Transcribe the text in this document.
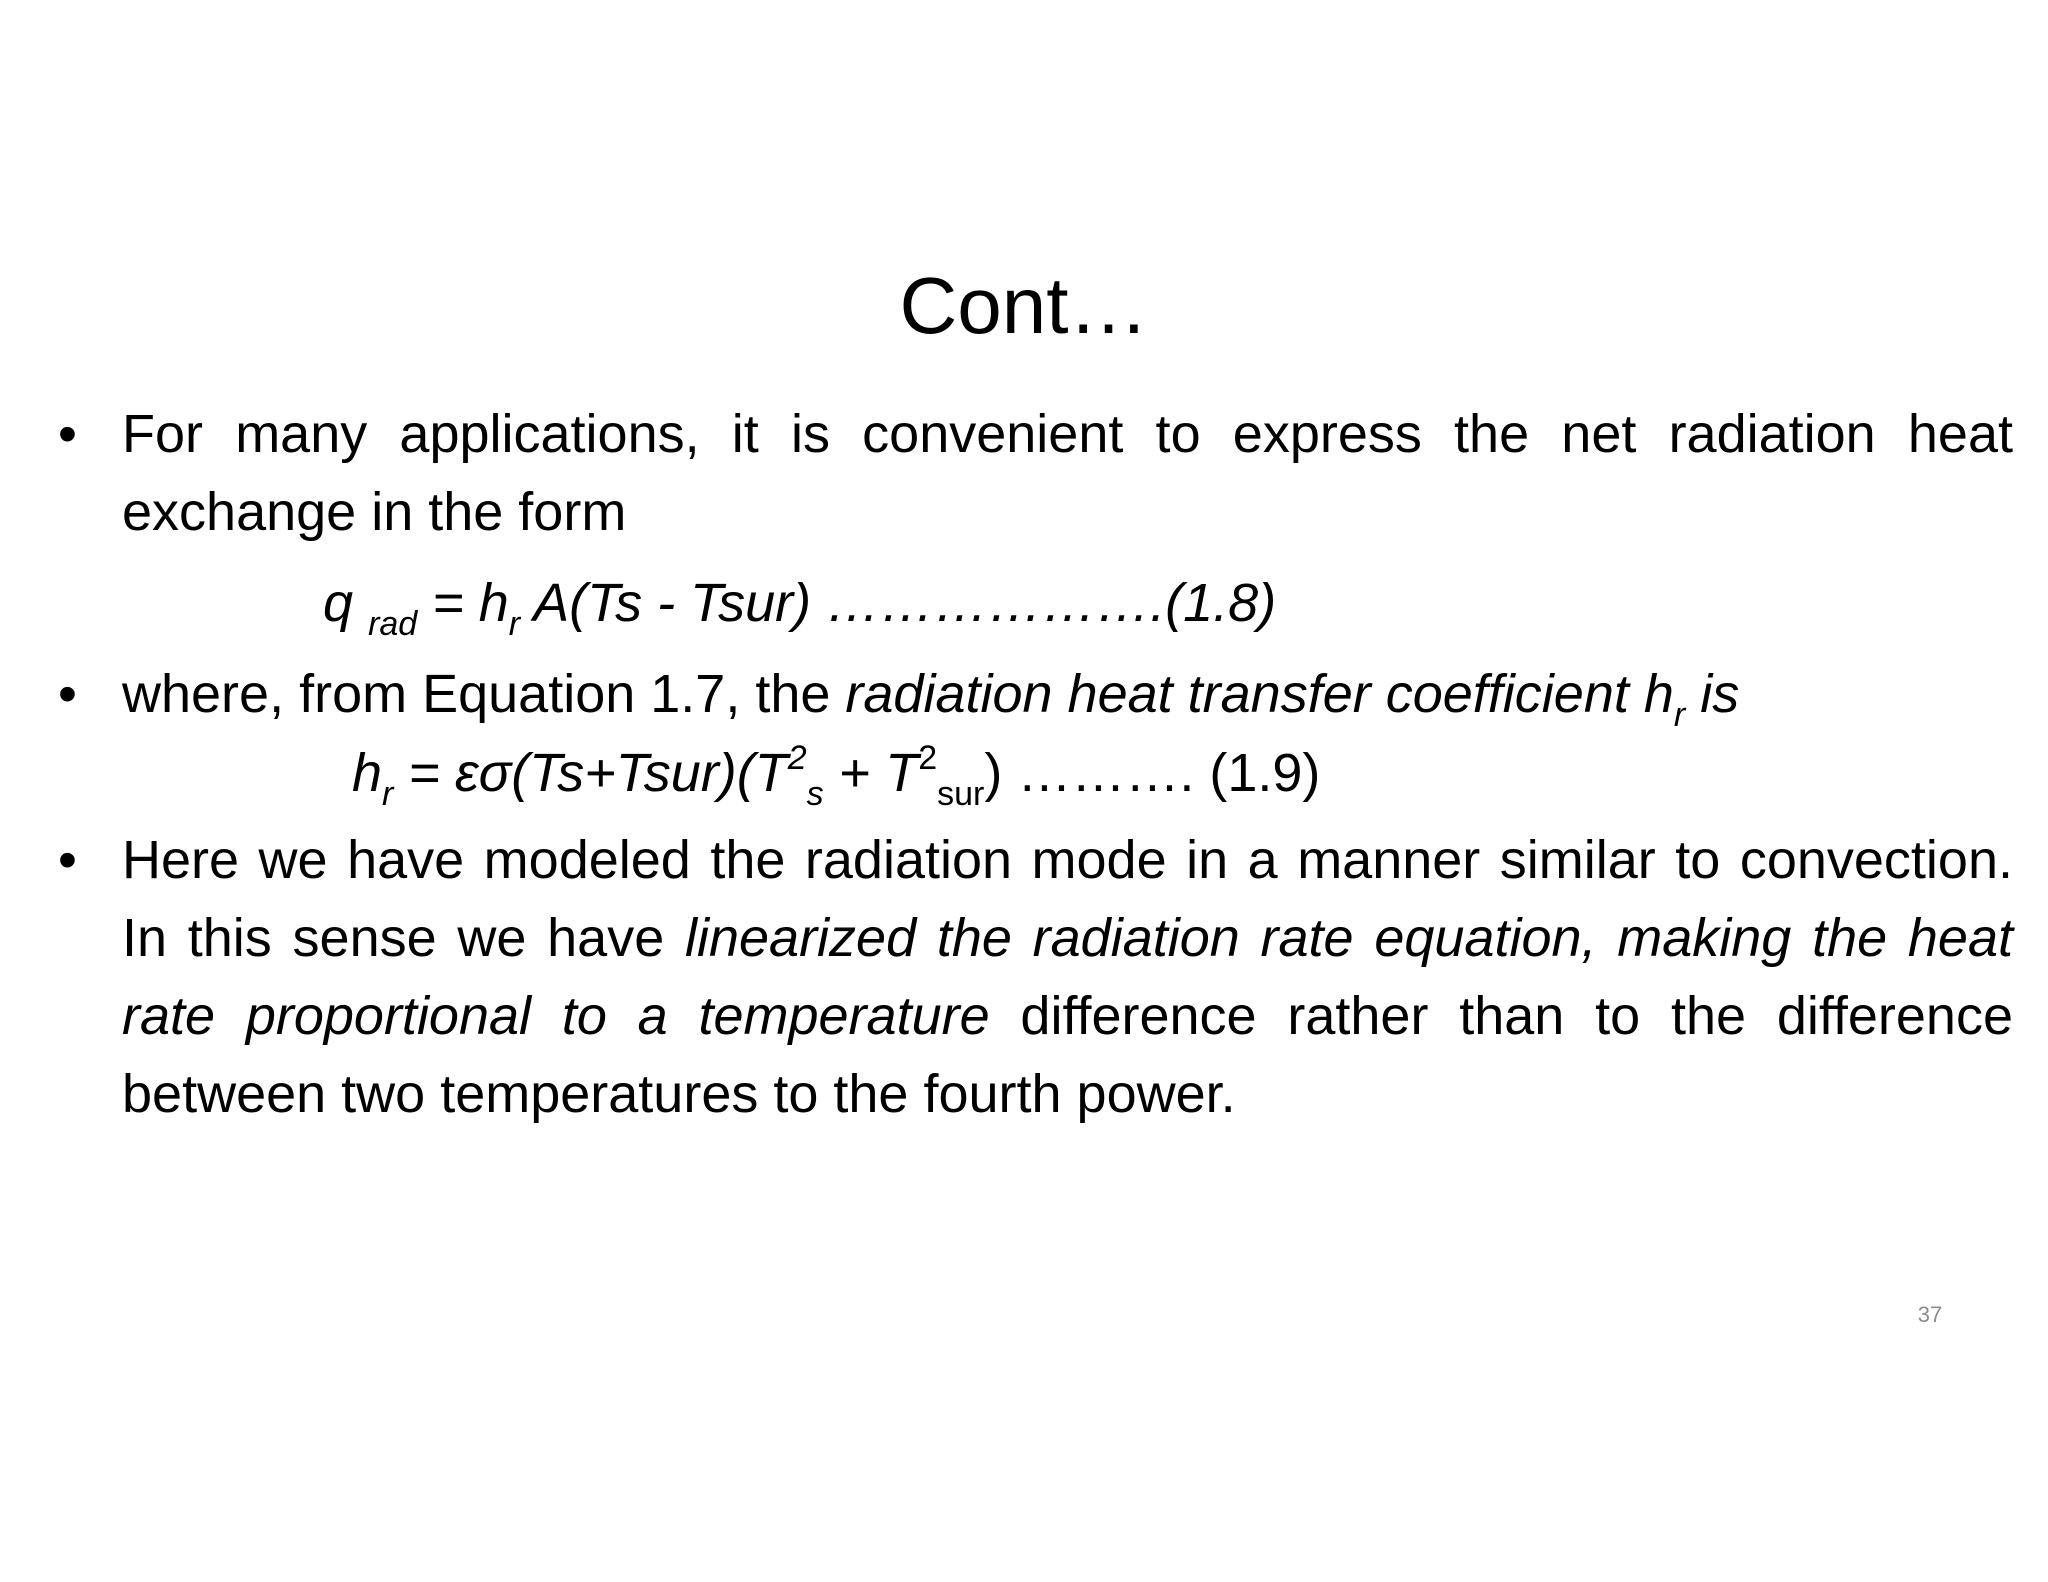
Cont…
• For many applications, it is convenient to express the net radiation heat exchange in the form
q $_{rad} = h_r$ A(Ts - Tsur) ……………….(1.8)
• where, from Equation 1.7, the radiation heat transfer coefficient $h_r$ is
$h_r$ = $\varepsilon\sigma(Ts+Tsur)(T^2_s + T^2_{sur})$ ………. (1.9)
• Here we have modeled the radiation mode in a manner similar to convection. In this sense we have linearized the radiation rate equation, making the heat rate proportional to a temperature difference rather than to the difference between two temperatures to the fourth power.
37
